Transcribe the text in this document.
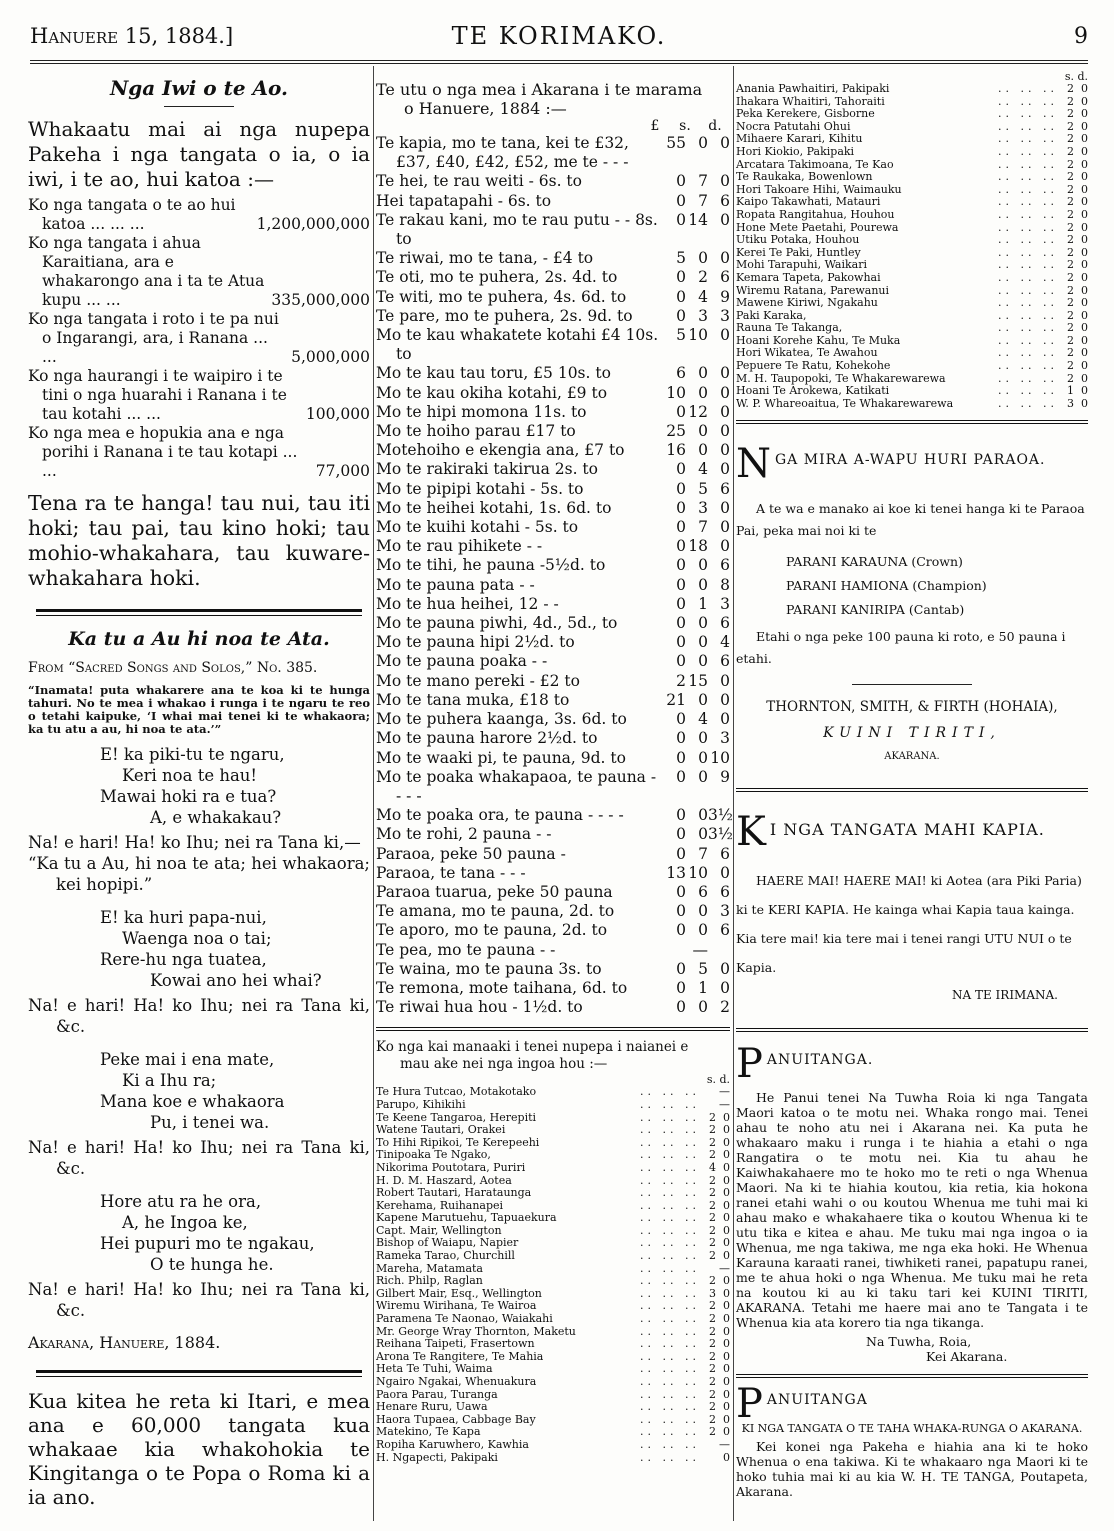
Hanuere 15, 1884.]	TE KORIMAKO.	9
Nga Iwi o te Ao.

Whakaatu mai ai nga nupepa Pakeha i nga tangata o ia, o ia iwi, i te ao, hui katoa :—

Ko nga tangata o te ao hui katoa ... ... ...	1,200,000,000
Ko nga tangata i ahua Karaitiana, ara e whakarongo ana i ta te Atua kupu ... ...	335,000,000
Ko nga tangata i roto i te pa nui o Ingarangi, ara, i Ranana ... ...	5,000,000
Ko nga haurangi i te waipiro i te tini o nga huarahi i Ranana i te tau kotahi ... ...	100,000
Ko nga mea e hopukia ana e nga porihi i Ranana i te tau kotapi ... ...	77,000

Tena ra te hanga! tau nui, tau iti hoki; tau pai, tau kino hoki; tau mohio-whakahara, tau kuware-whakahara hoki.

Ka tu a Au hi noa te Ata.
From “Sacred Songs and Solos,” No. 385.

“Inamata! puta whakarere ana te koa ki te hunga tahuri. No te mea i whakao i runga i te ngaru te reo o tetahi kaipuke, ‘I whai mai tenei ki te whakaora; ka tu atu a au, hi noa te ata.’”

E! ka piki-tu te ngaru,
Keri noa te hau!
Mawai hoki ra e tua?
A, e whakakau?
Na! e hari! Ha! ko Ihu; nei ra Tana ki,—
“Ka tu a Au, hi noa te ata; hei whakaora; kei hopipi.”
E! ka huri papa-nui,
Waenga noa o tai;
Rere-hu nga tuatea,
Kowai ano hei whai?
Na! e hari! Ha! ko Ihu; nei ra Tana ki, &c.
Peke mai i ena mate,
Ki a Ihu ra;
Mana koe e whakaora
Pu, i tenei wa.
Na! e hari! Ha! ko Ihu; nei ra Tana ki, &c.
Hore atu ra he ora,
A, he Ingoa ke,
Hei pupuri mo te ngakau,
O te hunga he.
Na! e hari! Ha! ko Ihu; nei ra Tana ki, &c.
Akarana, Hanuere, 1884.

Kua kitea he reta ki Itari, e mea ana e 60,000 tangata kua whakaae kia whakohokia te Kingitanga o te Popa o Roma ki a ia ano.

Te utu o nga mea i Akarana i te marama
o Hanuere, 1884 :—
£	s.	d.
Te kapia, mo te tana, kei te £32, £37, £40, £42, £52, me te - - -
55 0 0
Te hei, te rau weiti - 6s. to	0 7 0
Hei tapatapahi - 6s. to	0 7 6
Te rakau kani, mo te rau putu - - 8s. to
0 14 0
Te riwai, mo te tana, - £4 to	5 0 0
Te oti, mo te puhera, 2s. 4d. to	0 2 6
Te witi, mo te puhera, 4s. 6d. to	0 4 9
Te pare, mo te puhera, 2s. 9d. to	0 3 3
Mo te kau whakatete kotahi £4 10s. to
5 10 0
Mo te kau tau toru, £5 10s. to	6 0 0
Mo te kau okiha kotahi, £9 to	10 0 0
Mo te hipi momona 11s. to	0 12 0
Mo te hoiho parau £17 to	25 0 0
Motehoiho e ekengia ana, £7 to	16 0 0
Mo te rakiraki takirua 2s. to	0 4 0
Mo te pipipi kotahi - 5s. to	0 5 6
Mo te heihei kotahi, 1s. 6d. to	0 3 0
Mo te kuihi kotahi - 5s. to	0 7 0
Mo te rau pihikete - -	0 18 0
Mo te tihi, he pauna -5½d. to	0 0 6
Mo te pauna pata - -	0 0 8
Mo te hua heihei, 12 - -	0 1 3
Mo te pauna piwhi, 4d., 5d., to	0 0 6
Mo te pauna hipi 2½d. to	0 0 4
Mo te pauna poaka - -	0 0 6
Mo te mano pereki - £2 to	2 15 0
Mo te tana muka, £18 to	21 0 0
Mo te puhera kaanga, 3s. 6d. to	0 4 0
Mo te pauna harore 2½d. to	0 0 3
Mo te waaki pi, te pauna, 9d. to	0 0 10
Mo te poaka whakapaoa, te pauna - - - -
0 0 9
Mo te poaka ora, te pauna - - - -	0 0 3½
Mo te rohi, 2 pauna - -	0 0 3½
Paraoa, peke 50 pauna -	0 7 6
Paraoa, te tana - - -	13 10 0
Paraoa tuarua, peke 50 pauna	0 6 6
Te amana, mo te pauna, 2d. to	0 0 3
Te aporo, mo te pauna, 2d. to	0 0 6
Te pea, mo te pauna - -	—
Te waina, mo te pauna 3s. to	0 5 0
Te remona, mote taihana, 6d. to	0 1 0
Te riwai hua hou - 1½d. to	0 0 2
Ko nga kai manaaki i tenei nupepa i naianei e
mau ake nei nga ingoa hou :—
s. d.
Te Hura Tutcao, Motakotako	.. .. .. —
Parupo, Kihikihi	.. .. .. —
Te Keene Tangaroa, Herepiti	.. .. .. 2 0
Watene Tautari, Orakei	.. .. .. 2 0
To Hihi Ripikoi, Te Kerepeehi	.. .. .. 2 0
Tinipoaka Te Ngako,	.. .. .. 2 0
Nikorima Poutotara, Puriri	.. .. .. 4 0
H. D. M. Haszard, Aotea	.. .. .. 2 0
Robert Tautari, Harataunga	.. .. .. 2 0
Kerehama, Ruihanapei	.. .. .. 2 0
Kapene Marutuehu, Tapuaekura	.. .. .. 2 0
Capt. Mair, Wellington	.. .. .. 2 0
Bishop of Waiapu, Napier	.. .. .. 2 0
Rameka Tarao, Churchill	.. .. .. 2 0
Mareha, Matamata	.. .. .. —
Rich. Philp, Raglan	.. .. .. 2 0
Gilbert Mair, Esq., Wellington	.. .. .. 3 0
Wiremu Wirihana, Te Wairoa	.. .. .. 2 0
Paramena Te Naonao, Waiakahi	.. .. .. 2 0
Mr. George Wray Thornton, Maketu	.. .. .. 2 0
Reihana Taipeti, Frasertown	.. .. .. 2 0
Arona Te Rangitere, Te Mahia	.. .. .. 2 0
Heta Te Tuhi, Waima	.. .. .. 2 0
Ngairo Ngakai, Whenuakura	.. .. .. 2 0
Paora Parau, Turanga	.. .. .. 2 0
Henare Ruru, Uawa	.. .. .. 2 0
Haora Tupaea, Cabbage Bay	.. .. .. 2 0
Matekino, Te Kapa	.. .. .. 2 0
Ropiha Karuwhero, Kawhia	.. .. .. —
H. Ngapecti, Pakipaki	.. .. ..	0
s. d.
Anania Pawhaitiri, Pakipaki	.. .. .. 2 0
Ihakara Whaitiri, Tahoraiti	.. .. .. 2 0
Peka Kerekere, Gisborne	.. .. .. 2 0
Nocra Patutahi Ohui	.. .. .. 2 0
Mihaere Karari, Kihitu	.. .. .. 2 0
Hori Kiokio, Pakipaki	.. .. .. 2 0
Arcatara Takimoana, Te Kao	.. .. .. 2 0
Te Raukaka, Bowenlown	.. .. .. 2 0
Hori Takoare Hihi, Waimauku	.. .. .. 2 0
Kaipo Takawhati, Matauri	.. .. .. 2 0
Ropata Rangitahua, Houhou	.. .. .. 2 0
Hone Mete Paetahi, Pourewa	.. .. .. 2 0
Utiku Potaka, Houhou	.. .. .. 2 0
Kerei Te Paki, Huntley	.. .. .. 2 0
Mohi Tarapuhi, Waikari	.. .. .. 2 0
Kemara Tapeta, Pakowhai	.. .. .. 2 0
Wiremu Ratana, Parewanui	.. .. .. 2 0
Mawene Kiriwi, Ngakahu	.. .. .. 2 0
Paki Karaka,	.. .. .. 2 0
Rauna Te Takanga,	.. .. .. 2 0
Hoani Korehe Kahu, Te Muka	.. .. .. 2 0
Hori Wikatea, Te Awahou	.. .. .. 2 0
Pepuere Te Ratu, Kohekohe	.. .. .. 2 0
M. H. Taupopoki, Te Whakarewarewa	.. .. .. 2 0
Hoani Te Arokewa, Katikati	.. .. .. 1 0
W. P. Whareoaitua, Te Whakarewarewa	.. .. .. 3 0
N GA MIRA A-WAPU HURI PARAOA.

A te wa e manako ai koe ki tenei hanga ki te Paraoa Pai, peka mai noi ki te

PARANI KARAUNA (Crown)
PARANI HAMIONA (Champion)
PARANI KANIRIPA (Cantab)

Etahi o nga peke 100 pauna ki roto, e 50 pauna i etahi.

THORNTON, SMITH, & FIRTH (HOHAIA),
KUINI TIRITI,
AKARANA.
K I NGA TANGATA MAHI KAPIA.

HAERE MAI! HAERE MAI! ki Aotea (ara Piki Paria) ki te KERI KAPIA. He kainga whai Kapia taua kainga. Kia tere mai! kia tere mai i tenei rangi UTU NUI o te Kapia.

NA TE IRIMANA.
P ANUITANGA.

He Panui tenei Na Tuwha Roia ki nga Tangata Maori katoa o te motu nei. Whaka rongo mai. Tenei ahau te noho atu nei i Akarana nei. Ka puta he whakaaro maku i runga i te hiahia a etahi o nga Rangatira o te motu nei. Kia tu ahau he Kaiwhakahaere mo te hoko mo te reti o nga Whenua Maori. Na ki te hiahia koutou, kia retia, kia hokona ranei etahi wahi o ou koutou Whenua me tuhi mai ki ahau mako e whakahaere tika o koutou Whenua ki te utu tika e kitea e ahau. Me tuku mai nga ingoa o ia Whenua, me nga takiwa, me nga eka hoki. He Whenua Karauna karaati ranei, tiwhiketi ranei, papatupu ranei, me te ahua hoki o nga Whenua. Me tuku mai he reta na koutou ki au ki taku tari kei KUINI TIRITI, AKARANA. Tetahi me haere mai ano te Tangata i te Whenua kia ata korero tia nga tikanga.

Na Tuwha, Roia,
Kei Akarana.
P ANUITANGA
KI NGA TANGATA O TE TAHA WHAKA-RUNGA O AKARANA.

Kei konei nga Pakeha e hiahia ana ki te hoko Whenua o ena takiwa. Ki te whakaaro nga Maori ki te hoko tuhia mai ki au kia W. H. TE TANGA, Poutapeta, Akarana.
